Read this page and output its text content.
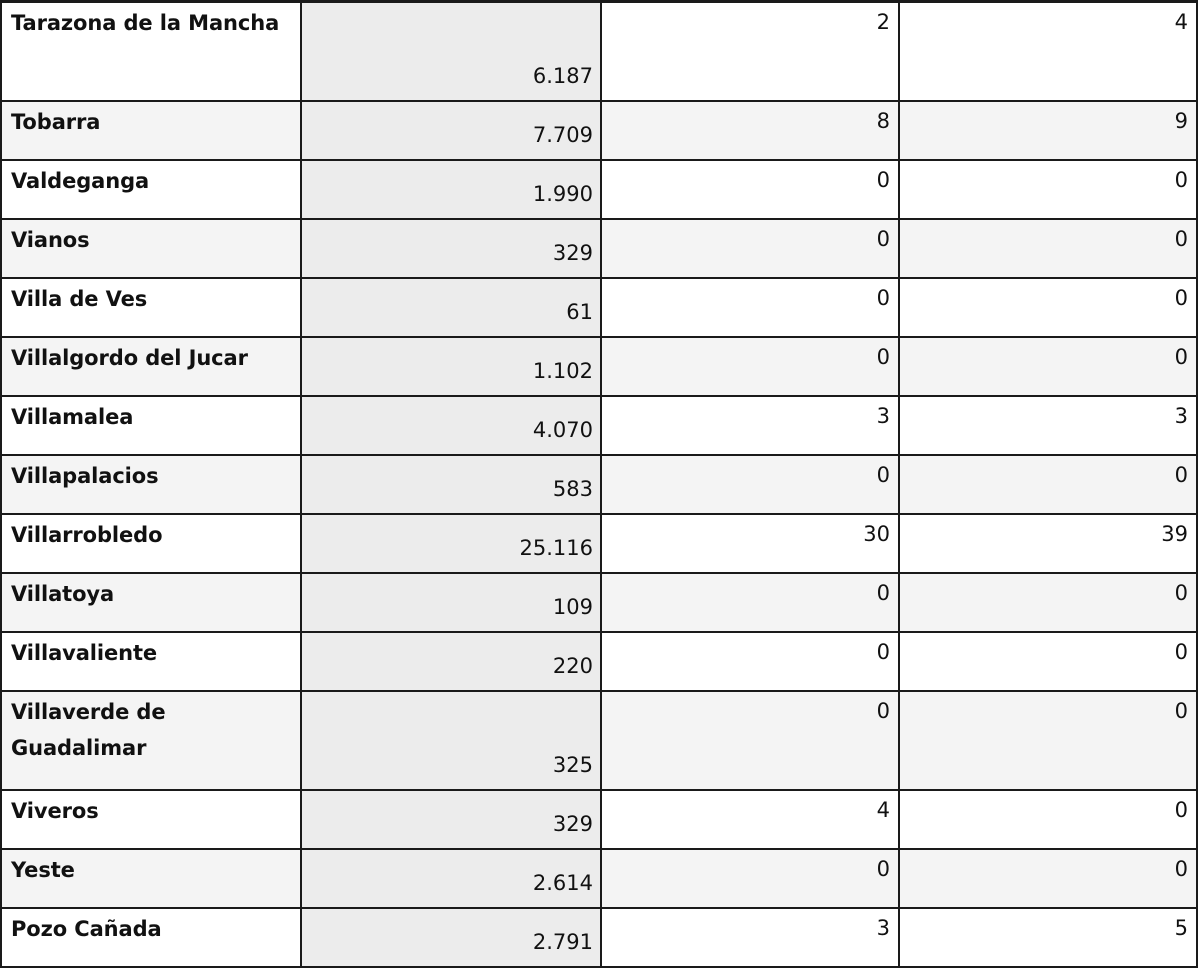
Tarazona de la Mancha	6.187	2	4
Tobarra	7.709	8	9
Valdeganga	1.990	0	0
Vianos	329	0	0
Villa de Ves	61	0	0
Villalgordo del Jucar	1.102	0	0
Villamalea	4.070	3	3
Villapalacios	583	0	0
Villarrobledo	25.116	30	39
Villatoya	109	0	0
Villavaliente	220	0	0
Villaverde de Guadalimar	325	0	0
Viveros	329	4	0
Yeste	2.614	0	0
Pozo Cañada	2.791	3	5
